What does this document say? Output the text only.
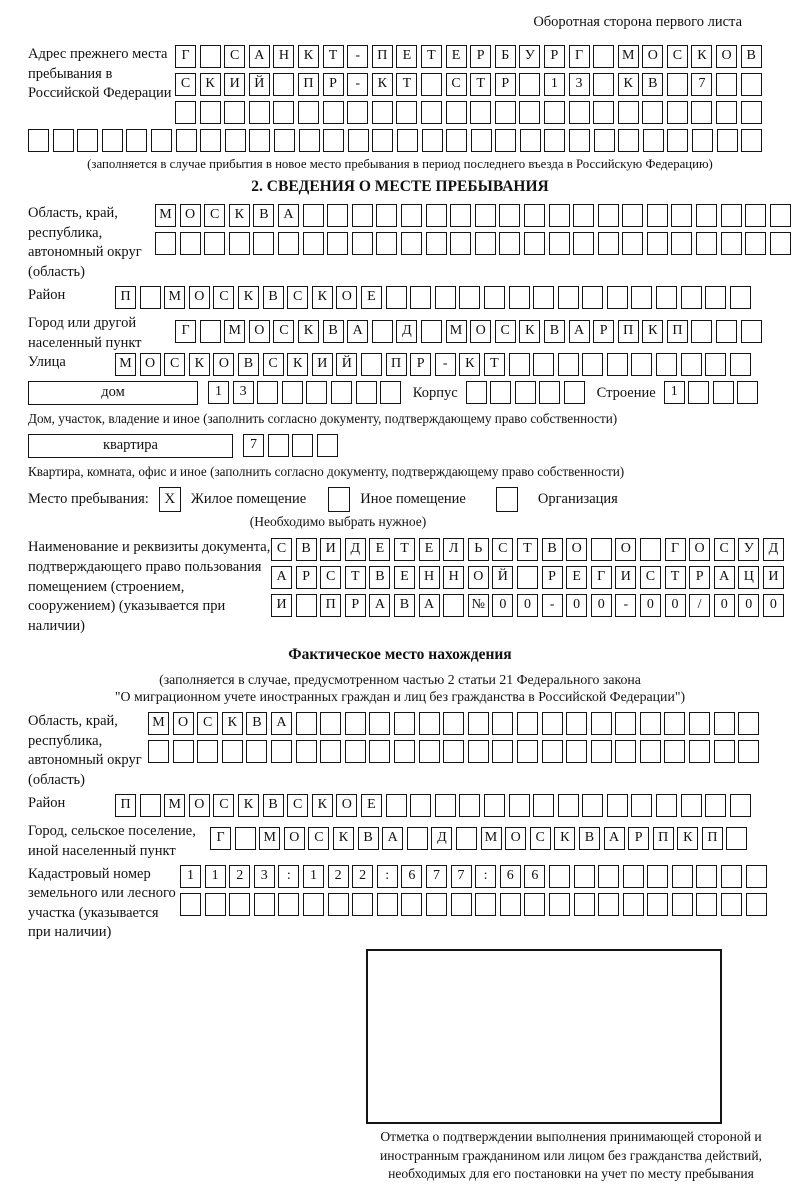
Оборотная сторона первого листа
Адрес прежнего места пребывания в Российской Федерации
Г	С А Н К Т - П Е Т Е Р Б У Р Г	М О С К О В
С К И Й	П Р - К Т	С Т Р	1 3	К В	7
(заполняется в случае прибытия в новое место пребывания в период последнего въезда в Российскую Федерацию)
2. СВЕДЕНИЯ О МЕСТЕ ПРЕБЫВАНИЯ
Область, край, республика, автономный округ (область)
М О С К В А
Район	П	М О С К В С К О Е
Город или другой населенный пункт
Г	М О С К В А	Д	М О С К В А Р П К П
Улица	М О С К О В С К И Й	П Р - К Т
дом	1 3	Корпус	Строение	1
Дом, участок, владение и иное (заполнить согласно документу, подтверждающему право собственности)
квартира	7
Квартира, комната, офис и иное (заполнить согласно документу, подтверждающему право собственности)
Место пребывания:	X	Жилое помещение	Иное помещение	Организация
(Необходимо выбрать нужное)
Наименование и реквизиты документа, подтверждающего право пользования помещением (строением, сооружением) (указывается при наличии)
С В И Д Е Т Е Л Ь С Т В О	О	Г О С У Д
А Р С Т В Е Н Н О Й	Р Е Г И С Т Р А Ц И
И	П Р А В А	№ 0 0 - 0 0 - 0 0 / 0 0 0
Фактическое место нахождения
(заполняется в случае, предусмотренном частью 2 статьи 21 Федерального закона
"О миграционном учете иностранных граждан и лиц без гражданства в Российской Федерации")
Область, край, республика, автономный округ (область)
М О С К В А
Район	П	М О С К В С К О Е
Город, сельское поселение, иной населенный пункт
Г	М О С К В А	Д	М О С К В А Р П К П
Кадастровый номер земельного или лесного участка (указывается при наличии)
1 1 2 3 : 1 2 2 : 6 7 7 : 6 6
Отметка о подтверждении выполнения принимающей стороной и иностранным гражданином или лицом без гражданства действий, необходимых для его постановки на учет по месту пребывания
